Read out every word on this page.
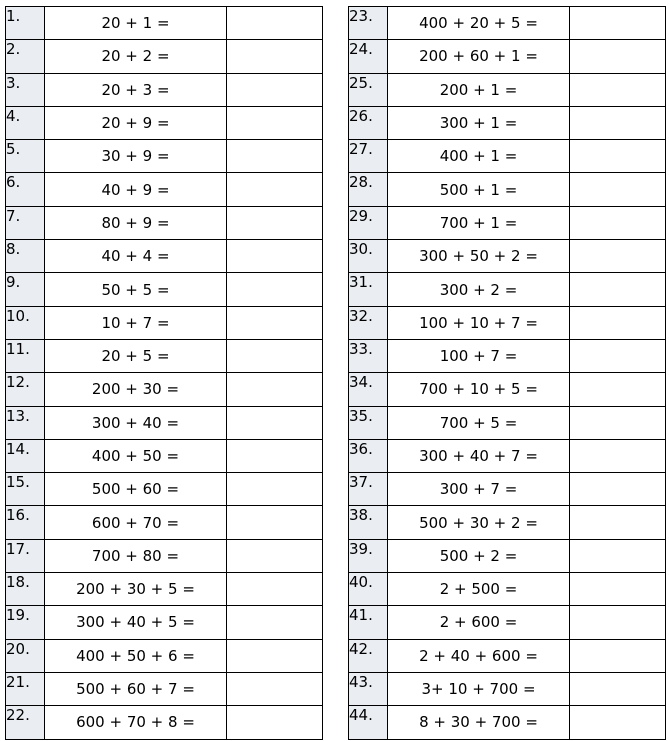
1.	20 + 1 =	
2.	20 + 2 =	
3.	20 + 3 =	
4.	20 + 9 =	
5.	30 + 9 =	
6.	40 + 9 =	
7.	80 + 9 =	
8.	40 + 4 =	
9.	50 + 5 =	
10.	10 + 7 =	
11.	20 + 5 =	
12.	200 + 30 =	
13.	300 + 40 =	
14.	400 + 50 =	
15.	500 + 60 =	
16.	600 + 70 =	
17.	700 + 80 =	
18.	200 + 30 + 5 =	
19.	300 + 40 + 5 =	
20.	400 + 50 + 6 =	
21.	500 + 60 + 7 =	
22.	600 + 70 + 8 =	
23.	400 + 20 + 5 =	
24.	200 + 60 + 1 =	
25.	200 + 1 =	
26.	300 + 1 =	
27.	400 + 1 =	
28.	500 + 1 =	
29.	700 + 1 =	
30.	300 + 50 + 2 =	
31.	300 + 2 =	
32.	100 + 10 + 7 =	
33.	100 + 7 =	
34.	700 + 10 + 5 =	
35.	700 + 5 =	
36.	300 + 40 + 7 =	
37.	300 + 7 =	
38.	500 + 30 + 2 =	
39.	500 + 2 =	
40.	2 + 500 =	
41.	2 + 600 =	
42.	2 + 40 + 600 =	
43.	3+ 10 + 700 =	
44.	8 + 30 + 700 =	
